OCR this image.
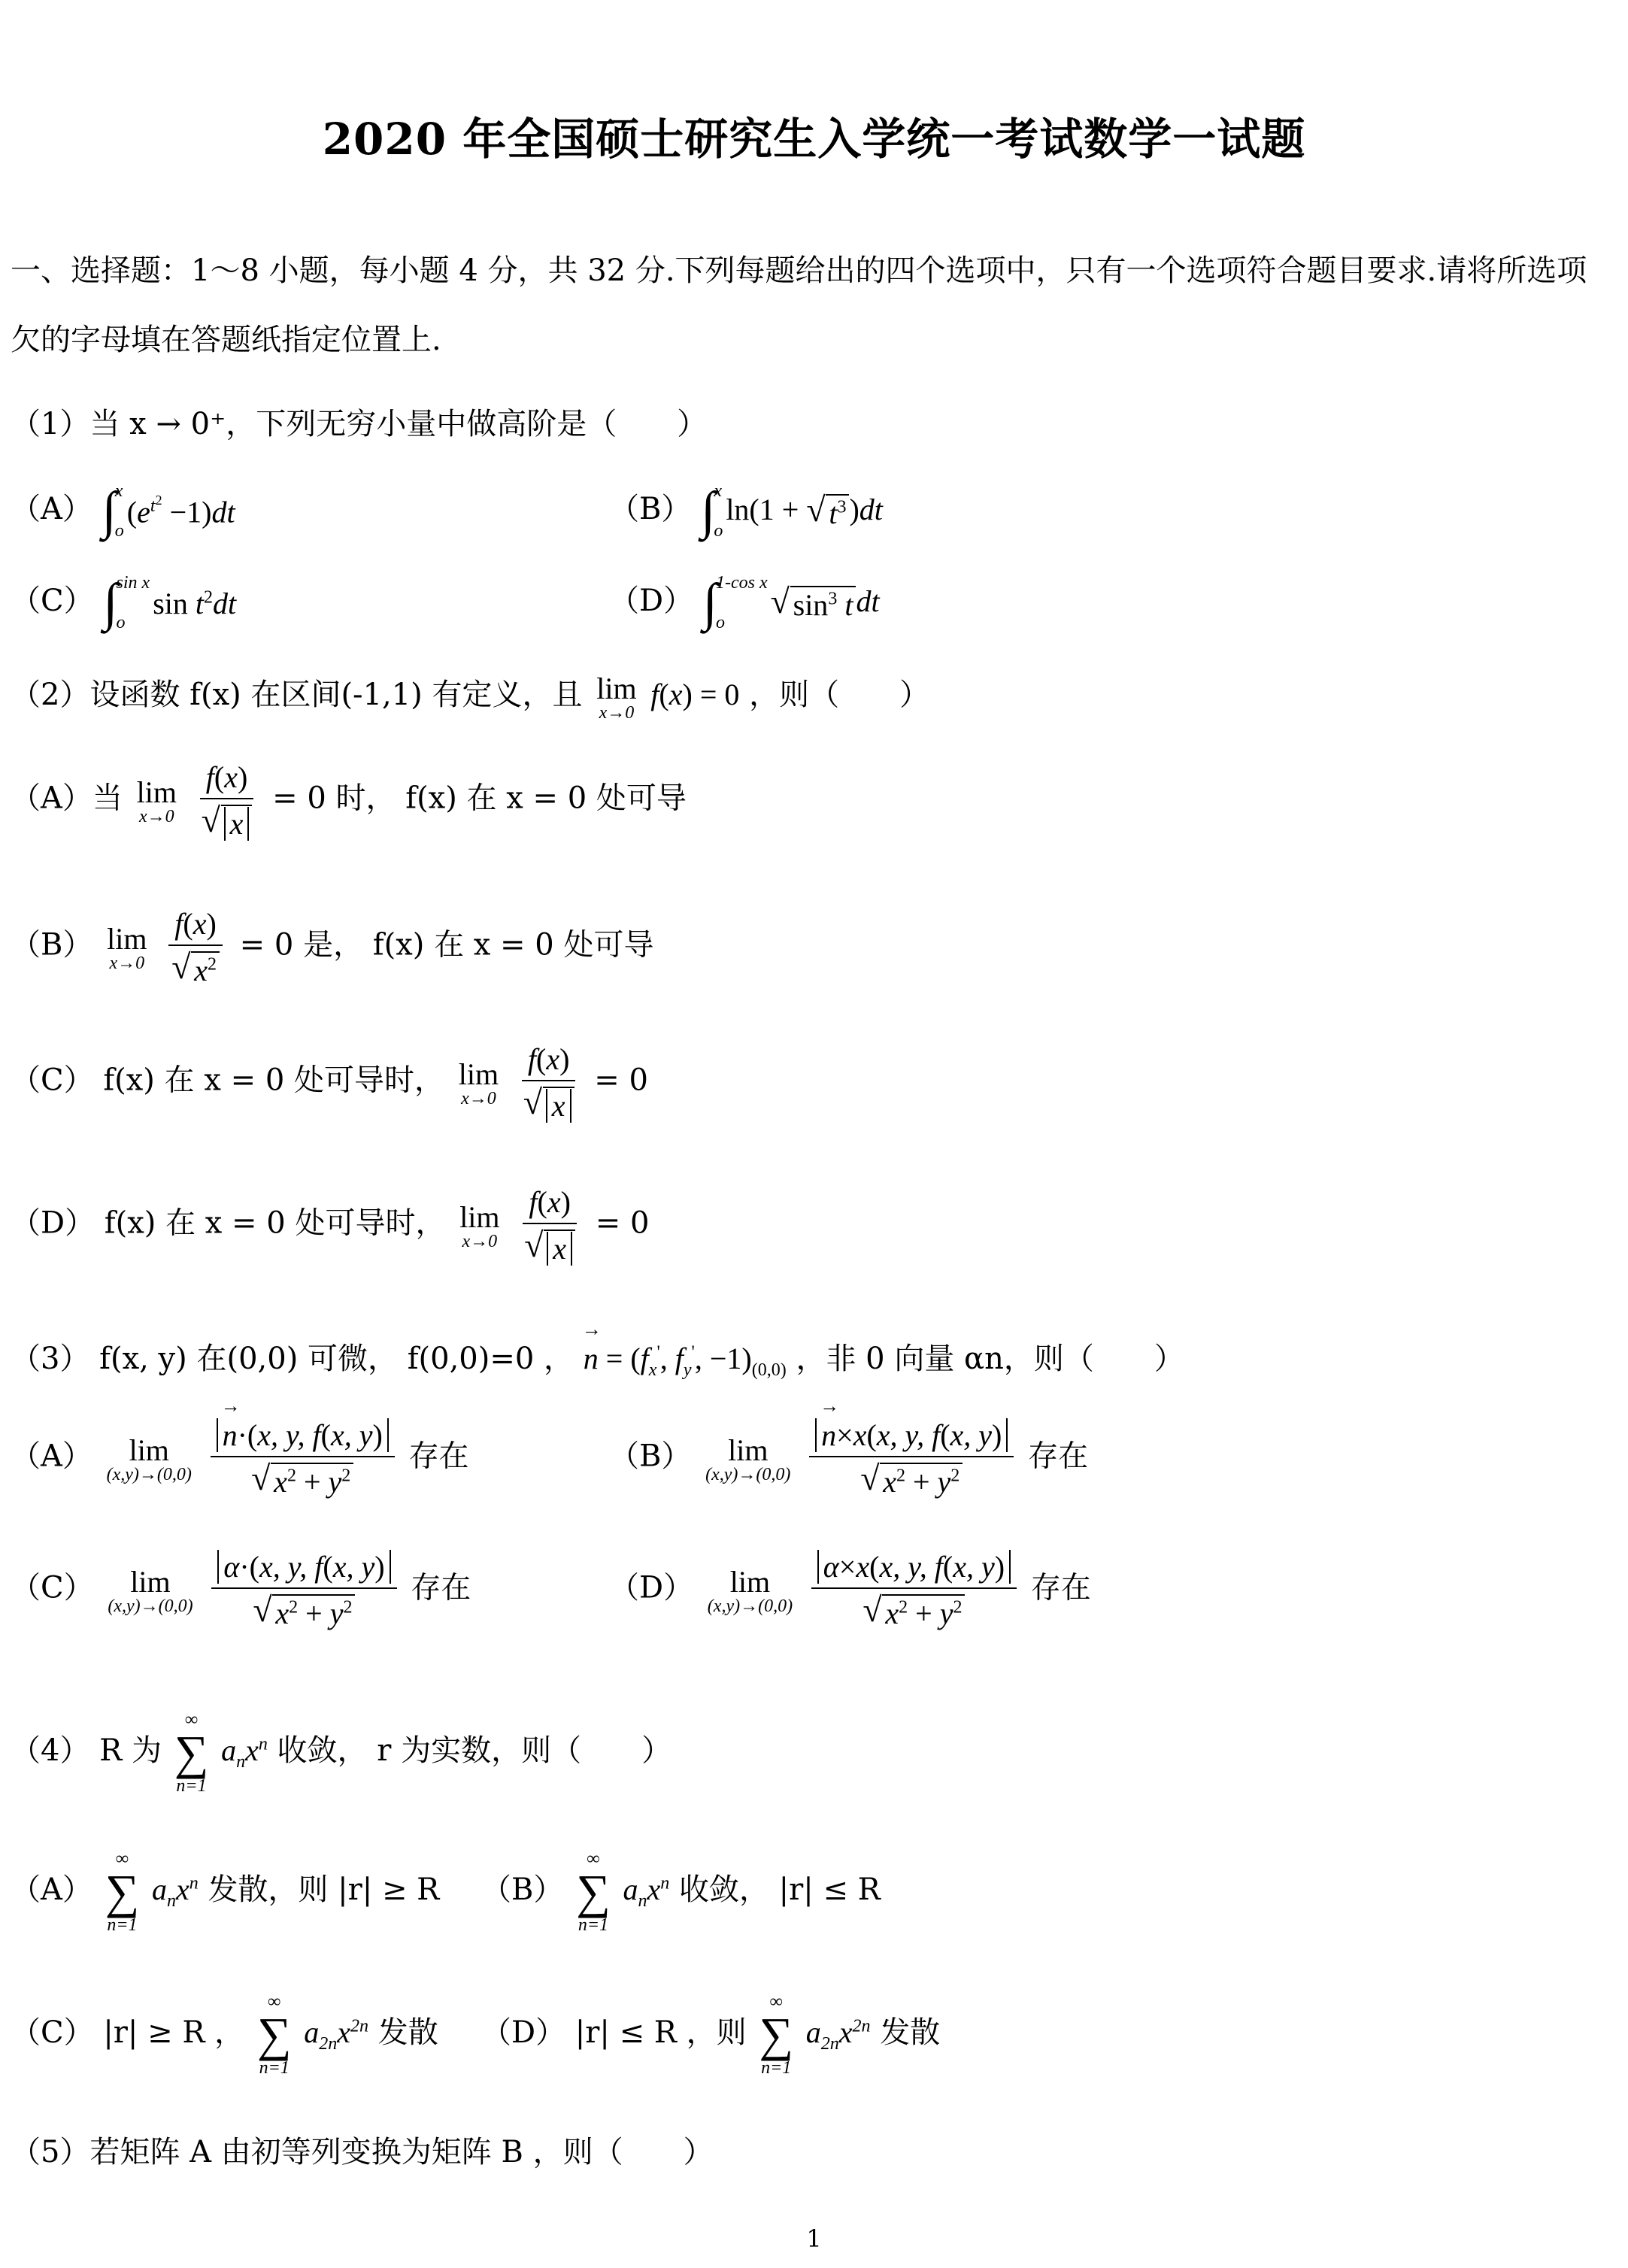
2020 年全国硕士研究生入学统一考试数学一试题
一、选择题：1～8 小题，每小题 4 分，共 32 分.下列每题给出的四个选项中，只有一个选项符合题目要求.请将所选项
欠的字母填在答题纸指定位置上.
（1）当 x → 0⁺，下列无穷小量中做高阶是（　　）
（A） ∫
x
o
$(e^{t^2} -1)dt$	（B） ∫
x
o
ln(1 + √ $t^3$ )dt
（C） ∫
sin x
o
$\sin t^2dt$	（D） ∫
1-cos x
o
√ $\sin^3 t$ dt
（2）设函数 f(x) 在区间(-1,1) 有定义，且 lim
x→0
f(x) = 0 ，则（　　）
（A）当 lim
x→0
f(x)
√ x = 0 时， f(x) 在 x = 0 处可导
（B） lim
x→0
f(x)
√ $x^2 = 0$ 是， f(x) 在 x = 0 处可导
（C） f(x) 在 x = 0 处可导时， lim
x→0
f(x)
√ x = 0
（D） f(x) 在 x = 0 处可导时， lim
x→0
f(x)
√ x = 0
（3） f(x, y) 在(0,0) 可微， f(0,0)=0 ， → $n = (f_x'$, $f_y'$, $-1)_{(0,0)}$ ，非 0 向量 αn，则（　　）
（A） lim
(x,y)→(0,0)
→ n·(x, y, f(x, y)
√ $x^2 + y^2$ 存在	（B） lim
(x,y)→(0,0)
→ n×x(x, y, f(x, y)
√ $x^2 + y^2$ 存在
（C） lim
(x,y)→(0,0)
α·(x, y, f(x, y)
√ $x^2 + y^2$ 存在	（D） lim
(x,y)→(0,0)
α×x(x, y, f(x, y)
√ $x^2 + y^2$ 存在
（4） R 为
∞
∑
n=1
$a_nx^n$ 收敛， r 为实数，则（　　）
（A）
∞
∑
n=1
$a_nx^n$ 发散，则 |r| ≥ R （B）
∞
∑
n=1
$a_nx^n$ 收敛， |r| ≤ R
（C） |r| ≥ R ，
∞
∑
n=1
$a_{2n}x^{2n}$ 发散 （D） |r| ≤ R ，则
∞
∑
n=1
$a_{2n}x^{2n}$ 发散
（5）若矩阵 A 由初等列变换为矩阵 B ，则（　　）
1
